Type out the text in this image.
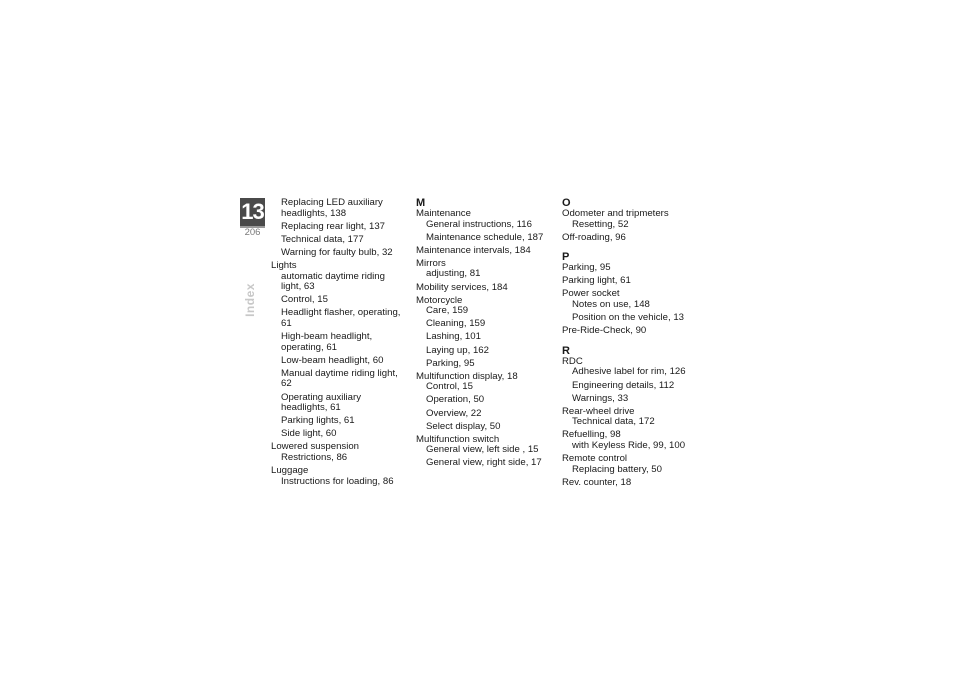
13
206
Index
Replacing LED auxiliary
headlights, 138
Replacing rear light, 137
Technical data, 177
Warning for faulty bulb, 32
Lights
automatic daytime riding
light, 63
Control, 15
Headlight flasher, operating, 61
High-beam headlight,
operating, 61
Low-beam headlight, 60
Manual daytime riding light, 62
Operating auxiliary
headlights, 61
Parking lights, 61
Side light, 60
Lowered suspension
Restrictions, 86
Luggage
Instructions for loading, 86
M
Maintenance
General instructions, 116
Maintenance schedule, 187
Maintenance intervals, 184
Mirrors
adjusting, 81
Mobility services, 184
Motorcycle
Care, 159
Cleaning, 159
Lashing, 101
Laying up, 162
Parking, 95
Multifunction display, 18
Control, 15
Operation, 50
Overview, 22
Select display, 50
Multifunction switch
General view, left side , 15
General view, right side, 17
O
Odometer and tripmeters
Resetting, 52
Off-roading, 96
P
Parking, 95
Parking light, 61
Power socket
Notes on use, 148
Position on the vehicle, 13
Pre-Ride-Check, 90
R
RDC
Adhesive label for rim, 126
Engineering details, 112
Warnings, 33
Rear-wheel drive
Technical data, 172
Refuelling, 98
with Keyless Ride, 99, 100
Remote control
Replacing battery, 50
Rev. counter, 18
